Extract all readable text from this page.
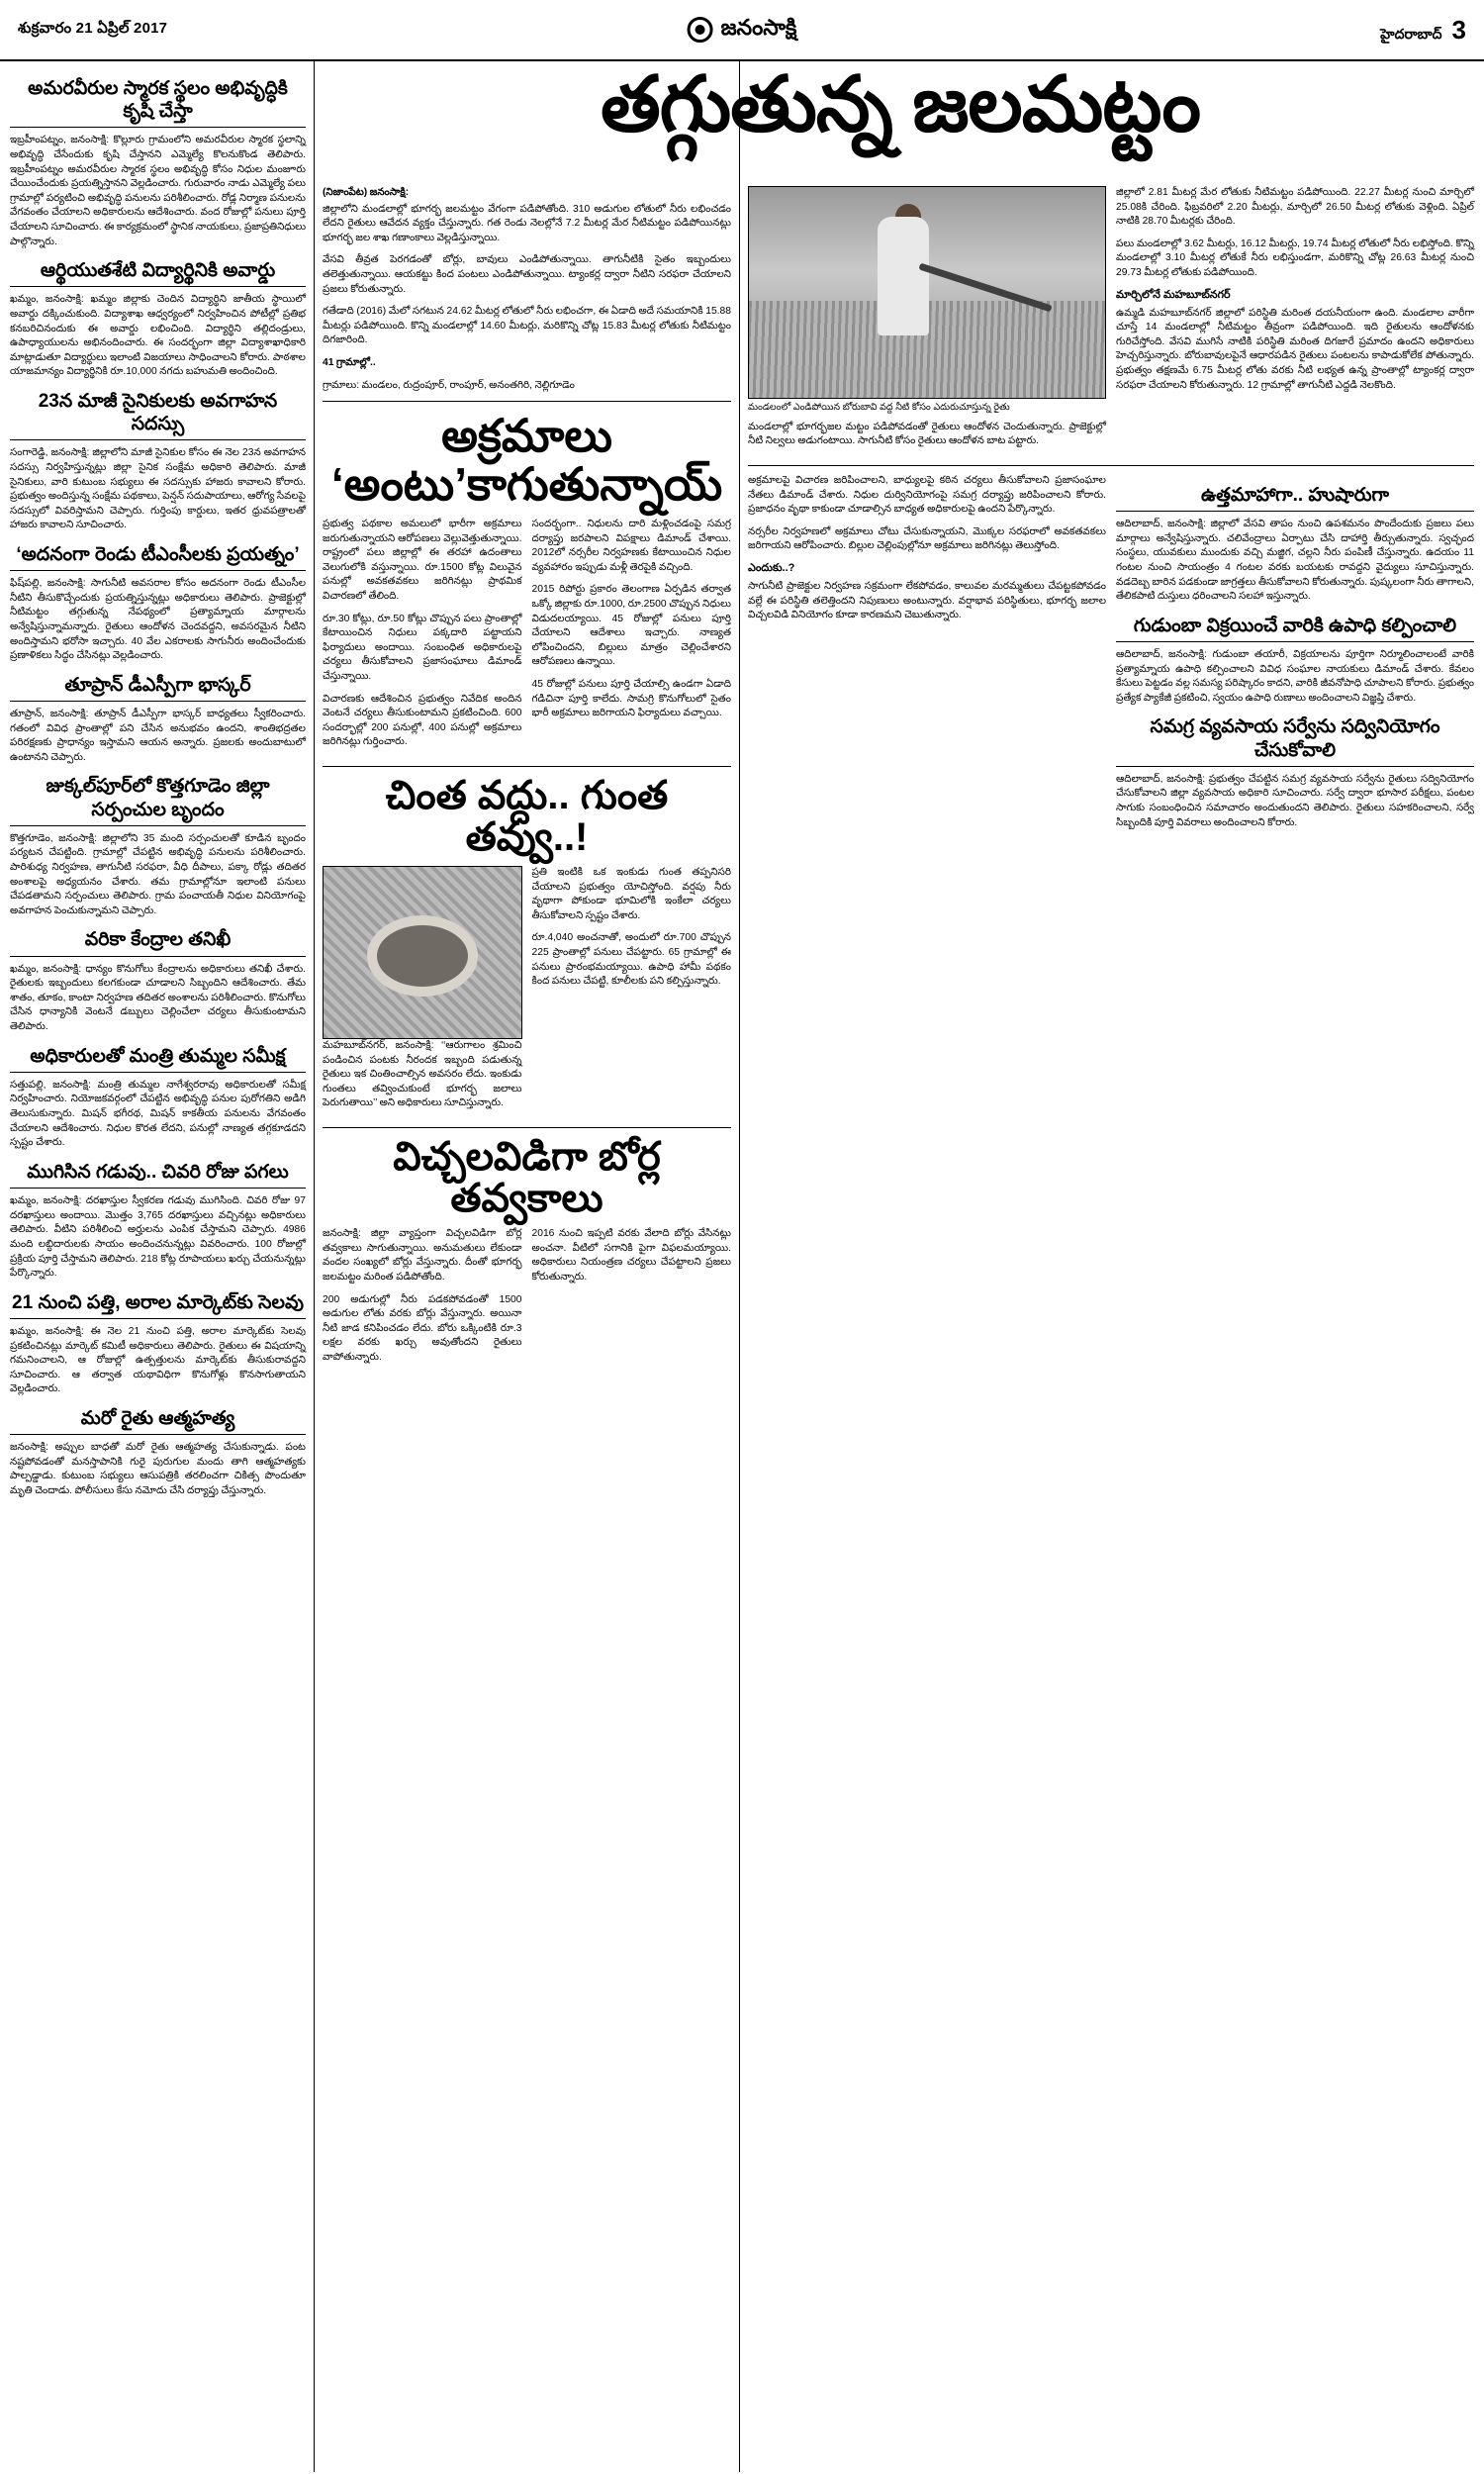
శుక్రవారం 21 ఏప్రిల్ 2017	జనంసాక్షి	హైదరాబాద్ 3
అమరవీరుల స్మారక స్థలం అభివృద్ధికి కృషి చేస్తా

ఇబ్రహీంపట్నం, జనంసాక్షి: కొల్లూరు గ్రామంలోని అమరవీరుల స్మారక స్థలాన్ని అభివృద్ధి చేసేందుకు కృషి చేస్తానని ఎమ్మెల్యే కొలనుకొండ తెలిపారు. ఇబ్రహీంపట్నం అమరవీరుల స్మారక స్థలం అభివృద్ధి కోసం నిధుల మంజూరు చేయించేందుకు ప్రయత్నిస్తానని వెల్లడించారు. గురువారం నాడు ఎమ్మెల్యే పలు గ్రామాల్లో పర్యటించి అభివృద్ధి పనులను పరిశీలించారు. రోడ్ల నిర్మాణ పనులను వేగవంతం చేయాలని అధికారులను ఆదేశించారు. వంద రోజుల్లో పనులు పూర్తి చేయాలని సూచించారు. ఈ కార్యక్రమంలో స్థానిక నాయకులు, ప్రజాప్రతినిధులు పాల్గొన్నారు.

ఆర్థియుతశేటి విద్యార్థినికి అవార్డు

ఖమ్మం, జనంసాక్షి: ఖమ్మం జిల్లాకు చెందిన విద్యార్థిని జాతీయ స్థాయిలో అవార్డు దక్కించుకుంది. విద్యాశాఖ ఆధ్వర్యంలో నిర్వహించిన పోటీల్లో ప్రతిభ కనబరిచినందుకు ఈ అవార్డు లభించింది. విద్యార్థిని తల్లిదండ్రులు, ఉపాధ్యాయులను అభినందించారు. ఈ సందర్భంగా జిల్లా విద్యాశాఖాధికారి మాట్లాడుతూ విద్యార్థులు ఇలాంటి విజయాలు సాధించాలని కోరారు. పాఠశాల యాజమాన్యం విద్యార్థినికి రూ.10,000 నగదు బహుమతి అందించింది.

23న మాజీ సైనికులకు అవగాహన సదస్సు

సంగారెడ్డి, జనంసాక్షి: జిల్లాలోని మాజీ సైనికుల కోసం ఈ నెల 23న అవగాహన సదస్సు నిర్వహిస్తున్నట్లు జిల్లా సైనిక సంక్షేమ అధికారి తెలిపారు. మాజీ సైనికులు, వారి కుటుంబ సభ్యులు ఈ సదస్సుకు హాజరు కావాలని కోరారు. ప్రభుత్వం అందిస్తున్న సంక్షేమ పథకాలు, పెన్షన్ సదుపాయాలు, ఆరోగ్య సేవలపై సదస్సులో వివరిస్తామని చెప్పారు. గుర్తింపు కార్డులు, ఇతర ధ్రువపత్రాలతో హాజరు కావాలని సూచించారు.

‘అదనంగా రెండు టీఎంసీలకు ప్రయత్నం’

ఫిష్‌పల్లి, జనంసాక్షి: సాగునీటి అవసరాల కోసం అదనంగా రెండు టీఎంసీల నీటిని తీసుకొచ్చేందుకు ప్రయత్నిస్తున్నట్లు అధికారులు తెలిపారు. ప్రాజెక్టుల్లో నీటిమట్టం తగ్గుతున్న నేపథ్యంలో ప్రత్యామ్నాయ మార్గాలను అన్వేషిస్తున్నామన్నారు. రైతులు ఆందోళన చెందవద్దని, అవసరమైన నీటిని అందిస్తామని భరోసా ఇచ్చారు. 40 వేల ఎకరాలకు సాగునీరు అందించేందుకు ప్రణాళికలు సిద్ధం చేసినట్లు వెల్లడించారు.

తూప్రాన్ డీఎస్పీగా భాస్కర్

తూప్రాన్, జనంసాక్షి: తూప్రాన్ డీఎస్పీగా భాస్కర్ బాధ్యతలు స్వీకరించారు. గతంలో వివిధ ప్రాంతాల్లో పని చేసిన అనుభవం ఉందని, శాంతిభద్రతల పరిరక్షణకు ప్రాధాన్యం ఇస్తామని ఆయన అన్నారు. ప్రజలకు అందుబాటులో ఉంటానని చెప్పారు.

జుక్కల్‌పూర్‌లో కొత్తగూడెం జిల్లా సర్పంచుల బృందం

కొత్తగూడెం, జనంసాక్షి: జిల్లాలోని 35 మంది సర్పంచులతో కూడిన బృందం పర్యటన చేపట్టింది. గ్రామాల్లో చేపట్టిన అభివృద్ధి పనులను పరిశీలించారు. పారిశుధ్య నిర్వహణ, తాగునీటి సరఫరా, వీధి దీపాలు, పక్కా రోడ్లు తదితర అంశాలపై అధ్యయనం చేశారు. తమ గ్రామాల్లోనూ ఇలాంటి పనులు చేపడతామని సర్పంచులు తెలిపారు. గ్రామ పంచాయతీ నిధుల వినియోగంపై అవగాహన పెంచుకున్నామని చెప్పారు.

వరికా కేంద్రాల తనిఖీ

ఖమ్మం, జనంసాక్షి: ధాన్యం కొనుగోలు కేంద్రాలను అధికారులు తనిఖీ చేశారు. రైతులకు ఇబ్బందులు కలగకుండా చూడాలని సిబ్బందిని ఆదేశించారు. తేమ శాతం, తూకం, కాంటా నిర్వహణ తదితర అంశాలను పరిశీలించారు. కొనుగోలు చేసిన ధాన్యానికి వెంటనే డబ్బులు చెల్లించేలా చర్యలు తీసుకుంటామని తెలిపారు.

అధికారులతో మంత్రి తుమ్మల సమీక్ష

సత్తుపల్లి, జనంసాక్షి: మంత్రి తుమ్మల నాగేశ్వరరావు అధికారులతో సమీక్ష నిర్వహించారు. నియోజకవర్గంలో చేపట్టిన అభివృద్ధి పనుల పురోగతిని అడిగి తెలుసుకున్నారు. మిషన్ భగీరథ, మిషన్ కాకతీయ పనులను వేగవంతం చేయాలని ఆదేశించారు. నిధుల కొరత లేదని, పనుల్లో నాణ్యత తగ్గకూడదని స్పష్టం చేశారు.

ముగిసిన గడువు.. చివరి రోజు పగలు

ఖమ్మం, జనంసాక్షి: దరఖాస్తుల స్వీకరణ గడువు ముగిసింది. చివరి రోజు 97 దరఖాస్తులు అందాయి. మొత్తం 3,765 దరఖాస్తులు వచ్చినట్లు అధికారులు తెలిపారు. వీటిని పరిశీలించి అర్హులను ఎంపిక చేస్తామని చెప్పారు. 4986 మంది లబ్ధిదారులకు సాయం అందించనున్నట్లు వివరించారు. 100 రోజుల్లో ప్రక్రియ పూర్తి చేస్తామని తెలిపారు. 218 కోట్ల రూపాయలు ఖర్చు చేయనున్నట్లు పేర్కొన్నారు.

21 నుంచి పత్తి, అరాల మార్కెట్‌కు సెలవు

ఖమ్మం, జనంసాక్షి: ఈ నెల 21 నుంచి పత్తి, అరాల మార్కెట్‌కు సెలవు ప్రకటించినట్లు మార్కెట్ కమిటీ అధికారులు తెలిపారు. రైతులు ఈ విషయాన్ని గమనించాలని, ఆ రోజుల్లో ఉత్పత్తులను మార్కెట్‌కు తీసుకురావద్దని సూచించారు. ఆ తర్వాత యథావిధిగా కొనుగోళ్లు కొనసాగుతాయని వెల్లడించారు.

మరో రైతు ఆత్మహత్య

జనంసాక్షి: అప్పుల బాధతో మరో రైతు ఆత్మహత్య చేసుకున్నాడు. పంట నష్టపోవడంతో మనస్తాపానికి గురై పురుగుల మందు తాగి ఆత్మహత్యకు పాల్పడ్డాడు. కుటుంబ సభ్యులు ఆసుపత్రికి తరలించగా చికిత్స పొందుతూ మృతి చెందాడు. పోలీసులు కేసు నమోదు చేసి దర్యాప్తు చేస్తున్నారు.

(నిజాంపేట) జనంసాక్షి:

జిల్లాలోని మండలాల్లో భూగర్భ జలమట్టం వేగంగా పడిపోతోంది. 310 అడుగుల లోతులో నీరు లభించడం లేదని రైతులు ఆవేదన వ్యక్తం చేస్తున్నారు. గత రెండు నెలల్లోనే 7.2 మీటర్ల మేర నీటిమట్టం పడిపోయినట్లు భూగర్భ జల శాఖ గణాంకాలు వెల్లడిస్తున్నాయి.

వేసవి తీవ్రత పెరగడంతో బోర్లు, బావులు ఎండిపోతున్నాయి. తాగునీటికి సైతం ఇబ్బందులు తలెత్తుతున్నాయి. ఆయకట్టు కింద పంటలు ఎండిపోతున్నాయి. ట్యాంకర్ల ద్వారా నీటిని సరఫరా చేయాలని ప్రజలు కోరుతున్నారు.

గతేడాది (2016) మేలో సగటున 24.62 మీటర్ల లోతులో నీరు లభించగా, ఈ ఏడాది అదే సమయానికి 15.88 మీటర్లు పడిపోయింది. కొన్ని మండలాల్లో 14.60 మీటర్లు, మరికొన్ని చోట్ల 15.83 మీటర్ల లోతుకు నీటిమట్టం దిగజారింది.

41 గ్రామాల్లో..

గ్రామాలు: మండలం, రుద్రంపూర్, రాంపూర్, అనంతగిరి, నెల్లిగూడెం

అక్రమాలు ‘అంటు’కాగుతున్నాయ్

ప్రభుత్వ పథకాల అమలులో భారీగా అక్రమాలు జరుగుతున్నాయని ఆరోపణలు వెల్లువెత్తుతున్నాయి. రాష్ట్రంలో పలు జిల్లాల్లో ఈ తరహా ఉదంతాలు వెలుగులోకి వస్తున్నాయి. రూ.1500 కోట్ల విలువైన పనుల్లో అవకతవకలు జరిగినట్లు ప్రాథమిక విచారణలో తేలింది.

రూ.30 కోట్లు, రూ.50 కోట్లు చొప్పున పలు ప్రాంతాల్లో కేటాయించిన నిధులు పక్కదారి పట్టాయని ఫిర్యాదులు అందాయి. సంబంధిత అధికారులపై చర్యలు తీసుకోవాలని ప్రజాసంఘాలు డిమాండ్ చేస్తున్నాయి.

విచారణకు ఆదేశించిన ప్రభుత్వం నివేదిక అందిన వెంటనే చర్యలు తీసుకుంటామని ప్రకటించింది. 600 సందర్భాల్లో 200 పనుల్లో, 400 పనుల్లో అక్రమాలు జరిగినట్లు గుర్తించారు.

సందర్భంగా.. నిధులను దారి మళ్లించడంపై సమగ్ర దర్యాప్తు జరపాలని విపక్షాలు డిమాండ్ చేశాయి. 2012లో నర్సరీల నిర్వహణకు కేటాయించిన నిధుల వ్యవహారం ఇప్పుడు మళ్లీ తెరపైకి వచ్చింది.

2015 రిపోర్టు ప్రకారం తెలంగాణ ఏర్పడిన తర్వాత ఒక్కో జిల్లాకు రూ.1000, రూ.2500 చొప్పున నిధులు విడుదలయ్యాయి. 45 రోజుల్లో పనులు పూర్తి చేయాలని ఆదేశాలు ఇచ్చారు. నాణ్యత లోపించిందని, బిల్లులు మాత్రం చెల్లించేశారని ఆరోపణలు ఉన్నాయి.

45 రోజుల్లో పనులు పూర్తి చేయాల్సి ఉండగా ఏడాది గడిచినా పూర్తి కాలేదు. సామగ్రి కొనుగోలులో సైతం భారీ అక్రమాలు జరిగాయని ఫిర్యాదులు వచ్చాయి.

చింత వద్దు.. గుంత తవ్వు..!

మహబూబ్‌నగర్, జనంసాక్షి: ‘‘ఆరుగాలం శ్రమించి పండించిన పంటకు నీరందక ఇబ్బంది పడుతున్న రైతులు ఇక చింతించాల్సిన అవసరం లేదు. ఇంకుడు గుంతలు తవ్వించుకుంటే భూగర్భ జలాలు పెరుగుతాయి’’ అని అధికారులు సూచిస్తున్నారు.

ప్రతి ఇంటికి ఒక ఇంకుడు గుంత తప్పనిసరి చేయాలని ప్రభుత్వం యోచిస్తోంది. వర్షపు నీరు వృథాగా పోకుండా భూమిలోకి ఇంకేలా చర్యలు తీసుకోవాలని స్పష్టం చేశారు.

రూ.4,040 అంచనాతో, అందులో రూ.700 చొప్పున 225 ప్రాంతాల్లో పనులు చేపట్టారు. 65 గ్రామాల్లో ఈ పనులు ప్రారంభమయ్యాయి. ఉపాధి హామీ పథకం కింద పనులు చేపట్టి, కూలీలకు పని కల్పిస్తున్నారు.

విచ్చలవిడిగా బోర్ల తవ్వకాలు

జనంసాక్షి: జిల్లా వ్యాప్తంగా విచ్చలవిడిగా బోర్ల తవ్వకాలు సాగుతున్నాయి. అనుమతులు లేకుండా వందల సంఖ్యలో బోర్లు వేస్తున్నారు. దీంతో భూగర్భ జలమట్టం మరింత పడిపోతోంది.

200 అడుగుల్లో నీరు పడకపోవడంతో 1500 అడుగుల లోతు వరకు బోర్లు వేస్తున్నారు. అయినా నీటి జాడ కనిపించడం లేదు. బోరు ఒక్కింటికి రూ.3 లక్షల వరకు ఖర్చు అవుతోందని రైతులు వాపోతున్నారు.

2016 నుంచి ఇప్పటి వరకు వేలాది బోర్లు వేసినట్లు అంచనా. వీటిలో సగానికి పైగా విఫలమయ్యాయి. అధికారులు నియంత్రణ చర్యలు చేపట్టాలని ప్రజలు కోరుతున్నారు.

మండలంలో ఎండిపోయిన బోరుబావి వద్ద నీటి కోసం ఎదురుచూస్తున్న రైతు

మండలాల్లో భూగర్భజల మట్టం పడిపోవడంతో రైతులు ఆందోళన చెందుతున్నారు. ప్రాజెక్టుల్లో నీటి నిల్వలు అడుగంటాయి. సాగునీటి కోసం రైతులు ఆందోళన బాట పట్టారు.

జిల్లాలో 2.81 మీటర్ల మేర లోతుకు నీటిమట్టం పడిపోయింది. 22.27 మీటర్ల నుంచి మార్చిలో 25.08కి చేరింది. ఫిబ్రవరిలో 2.20 మీటర్లు, మార్చిలో 26.50 మీటర్ల లోతుకు వెళ్లింది. ఏప్రిల్ నాటికి 28.70 మీటర్లకు చేరింది.

పలు మండలాల్లో 3.62 మీటర్లు, 16.12 మీటర్లు, 19.74 మీటర్ల లోతులో నీరు లభిస్తోంది. కొన్ని మండలాల్లో 3.10 మీటర్ల లోతుకే నీరు లభిస్తుండగా, మరికొన్ని చోట్ల 26.63 మీటర్ల నుంచి 29.73 మీటర్ల లోతుకు పడిపోయింది.

మార్చిలోనే మహబూబ్‌నగర్

ఉమ్మడి మహబూబ్‌నగర్ జిల్లాలో పరిస్థితి మరింత దయనీయంగా ఉంది. మండలాల వారీగా చూస్తే 14 మండలాల్లో నీటిమట్టం తీవ్రంగా పడిపోయింది. ఇది రైతులను ఆందోళనకు గురిచేస్తోంది. వేసవి ముగిసే నాటికి పరిస్థితి మరింత దిగజారే ప్రమాదం ఉందని అధికారులు హెచ్చరిస్తున్నారు. బోరుబావులపైనే ఆధారపడిన రైతులు పంటలను కాపాడుకోలేక పోతున్నారు. ప్రభుత్వం తక్షణమే 6.75 మీటర్ల లోతు వరకు నీటి లభ్యత ఉన్న ప్రాంతాల్లో ట్యాంకర్ల ద్వారా సరఫరా చేయాలని కోరుతున్నారు. 12 గ్రామాల్లో తాగునీటి ఎద్దడి నెలకొంది.

అక్రమాలపై విచారణ జరిపించాలని, బాధ్యులపై కఠిన చర్యలు తీసుకోవాలని ప్రజాసంఘాల నేతలు డిమాండ్ చేశారు. నిధుల దుర్వినియోగంపై సమగ్ర దర్యాప్తు జరిపించాలని కోరారు. ప్రజాధనం వృథా కాకుండా చూడాల్సిన బాధ్యత అధికారులపై ఉందని పేర్కొన్నారు.

నర్సరీల నిర్వహణలో అక్రమాలు చోటు చేసుకున్నాయని, మొక్కల సరఫరాలో అవకతవకలు జరిగాయని ఆరోపించారు. బిల్లుల చెల్లింపుల్లోనూ అక్రమాలు జరిగినట్లు తెలుస్తోంది.

ఎందుకు..?

సాగునీటి ప్రాజెక్టుల నిర్వహణ సక్రమంగా లేకపోవడం, కాలువల మరమ్మతులు చేపట్టకపోవడం వల్లే ఈ పరిస్థితి తలెత్తిందని నిపుణులు అంటున్నారు. వర్షాభావ పరిస్థితులు, భూగర్భ జలాల విచ్చలవిడి వినియోగం కూడా కారణమని చెబుతున్నారు.

ఉత్తమాహాగా.. హుషారుగా

ఆదిలాబాద్, జనంసాక్షి: జిల్లాలో వేసవి తాపం నుంచి ఉపశమనం పొందేందుకు ప్రజలు పలు మార్గాలు అన్వేషిస్తున్నారు. చలివేంద్రాలు ఏర్పాటు చేసి దాహార్తి తీర్చుతున్నారు. స్వచ్ఛంద సంస్థలు, యువకులు ముందుకు వచ్చి మజ్జిగ, చల్లని నీరు పంపిణీ చేస్తున్నారు. ఉదయం 11 గంటల నుంచి సాయంత్రం 4 గంటల వరకు బయటకు రావద్దని వైద్యులు సూచిస్తున్నారు. వడదెబ్బ బారిన పడకుండా జాగ్రత్తలు తీసుకోవాలని కోరుతున్నారు. పుష్కలంగా నీరు తాగాలని, తేలికపాటి దుస్తులు ధరించాలని సలహా ఇస్తున్నారు.

గుడుంబా విక్రయించే వారికి ఉపాధి కల్పించాలి

ఆదిలాబాద్, జనంసాక్షి: గుడుంబా తయారీ, విక్రయాలను పూర్తిగా నిర్మూలించాలంటే వారికి ప్రత్యామ్నాయ ఉపాధి కల్పించాలని వివిధ సంఘాల నాయకులు డిమాండ్ చేశారు. కేవలం కేసులు పెట్టడం వల్ల సమస్య పరిష్కారం కాదని, వారికి జీవనోపాధి చూపాలని కోరారు. ప్రభుత్వం ప్రత్యేక ప్యాకేజీ ప్రకటించి, స్వయం ఉపాధి రుణాలు అందించాలని విజ్ఞప్తి చేశారు.

సమగ్ర వ్యవసాయ సర్వేను సద్వినియోగం చేసుకోవాలి

ఆదిలాబాద్, జనంసాక్షి: ప్రభుత్వం చేపట్టిన సమగ్ర వ్యవసాయ సర్వేను రైతులు సద్వినియోగం చేసుకోవాలని జిల్లా వ్యవసాయ అధికారి సూచించారు. సర్వే ద్వారా భూసార పరీక్షలు, పంటల సాగుకు సంబంధించిన సమాచారం అందుతుందని తెలిపారు. రైతులు సహకరించాలని, సర్వే సిబ్బందికి పూర్తి వివరాలు అందించాలని కోరారు.

తగ్గుతున్న జలమట్టం
